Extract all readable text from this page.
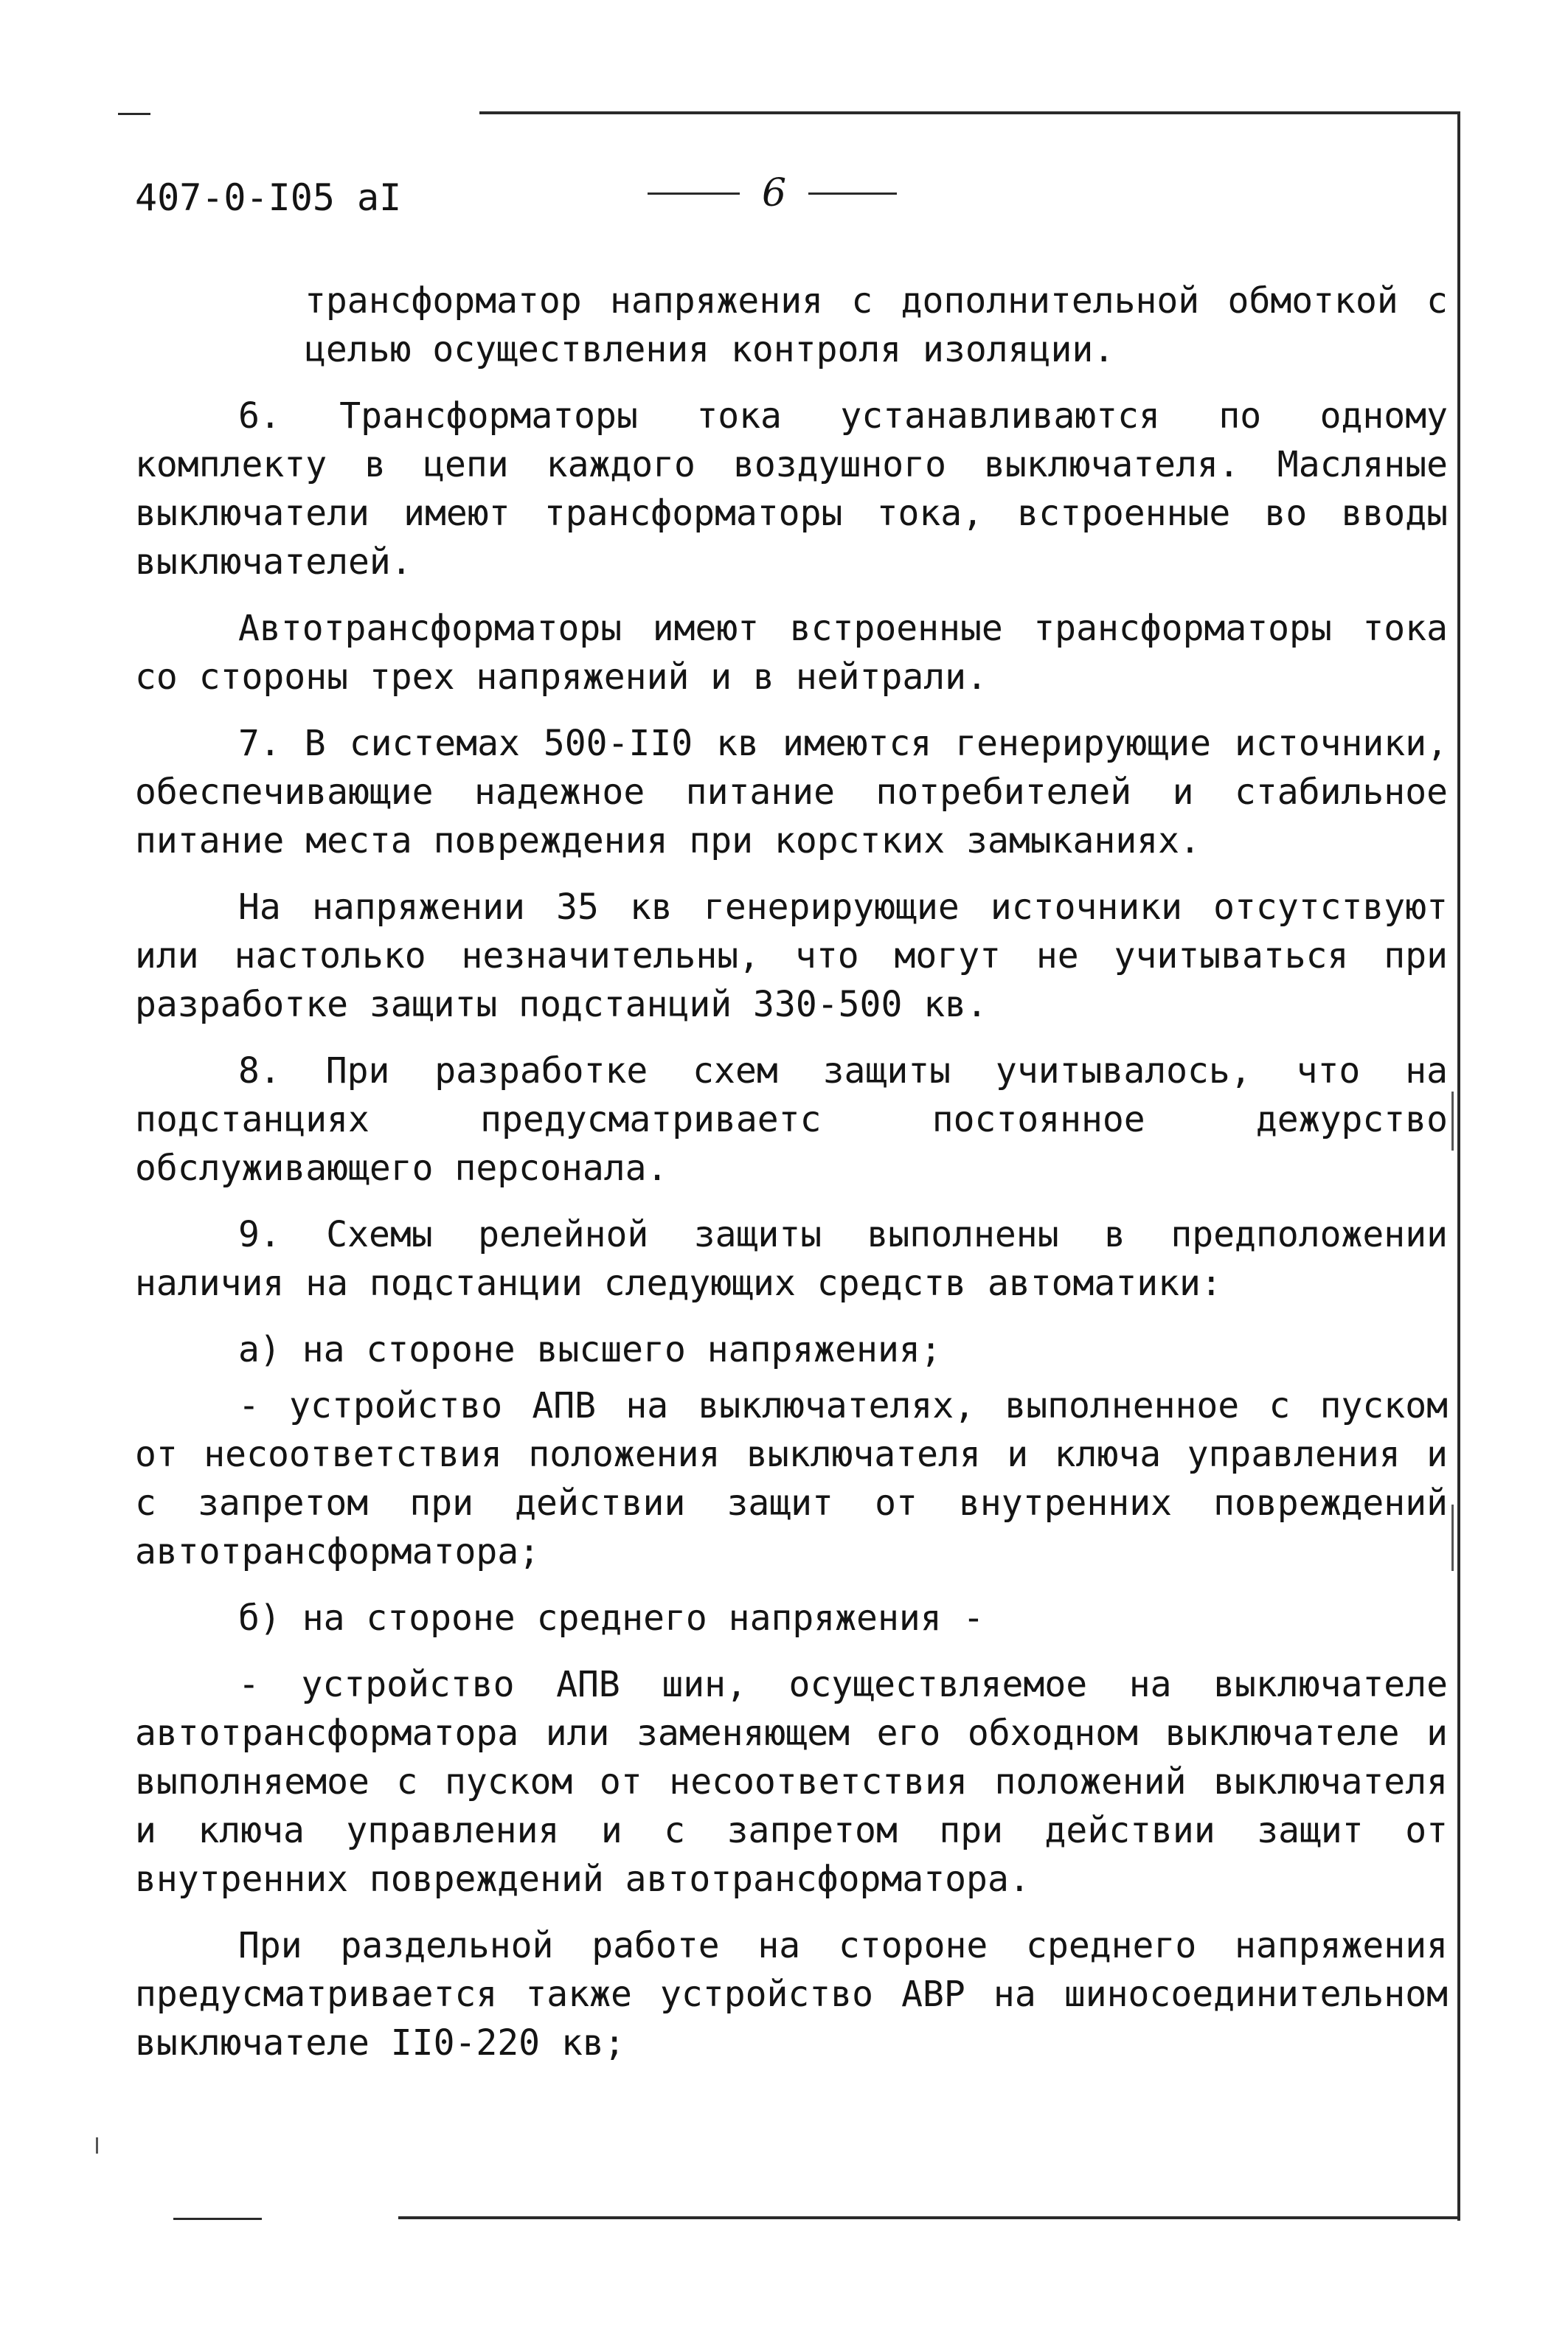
407-0-I05 aI	6

трансформатор напряжения с дополнительной обмоткой с целью осуществления контроля изоляции.

6. Трансформаторы тока устанавливаются по одному комплекту в цепи каждого воздушного выключателя. Масляные выключатели имеют трансформаторы тока, встроенные во вводы выключателей.

Автотрансформаторы имеют встроенные трансформаторы тока со стороны трех напряжений и в нейтрали.

7. В системах 500-II0 кв имеются генерирующие источники, обеспечивающие надежное питание потребителей и стабильное питание места повреждения при корстких замыканиях.

На напряжении 35 кв генерирующие источники отсутствуют или настолько незначительны, что могут не учитываться при разработке защиты подстанций 330-500 кв.

8. При разработке схем защиты учитывалось, что на подстанциях предусматриваетс постоянное дежурство обслуживающего персонала.

9. Схемы релейной защиты выполнены в предположении наличия на подстанции следующих средств автоматики:

а) на стороне высшего напряжения;

- устройство АПВ на выключателях, выполненное с пуском от несоответствия положения выключателя и ключа управления и с запретом при действии защит от внутренних повреждений автотрансформатора;

б) на стороне среднего напряжения -

- устройство АПВ шин, осуществляемое на выключателе автотрансформатора или заменяющем его обходном выключателе и выполняемое с пуском от несоответствия положений выключателя и ключа управления и с запретом при действии защит от внутренних повреждений автотрансформатора.

При раздельной работе на стороне среднего напряжения предусматривается также устройство АВР на шиносоединительном выключателе II0-220 кв;
